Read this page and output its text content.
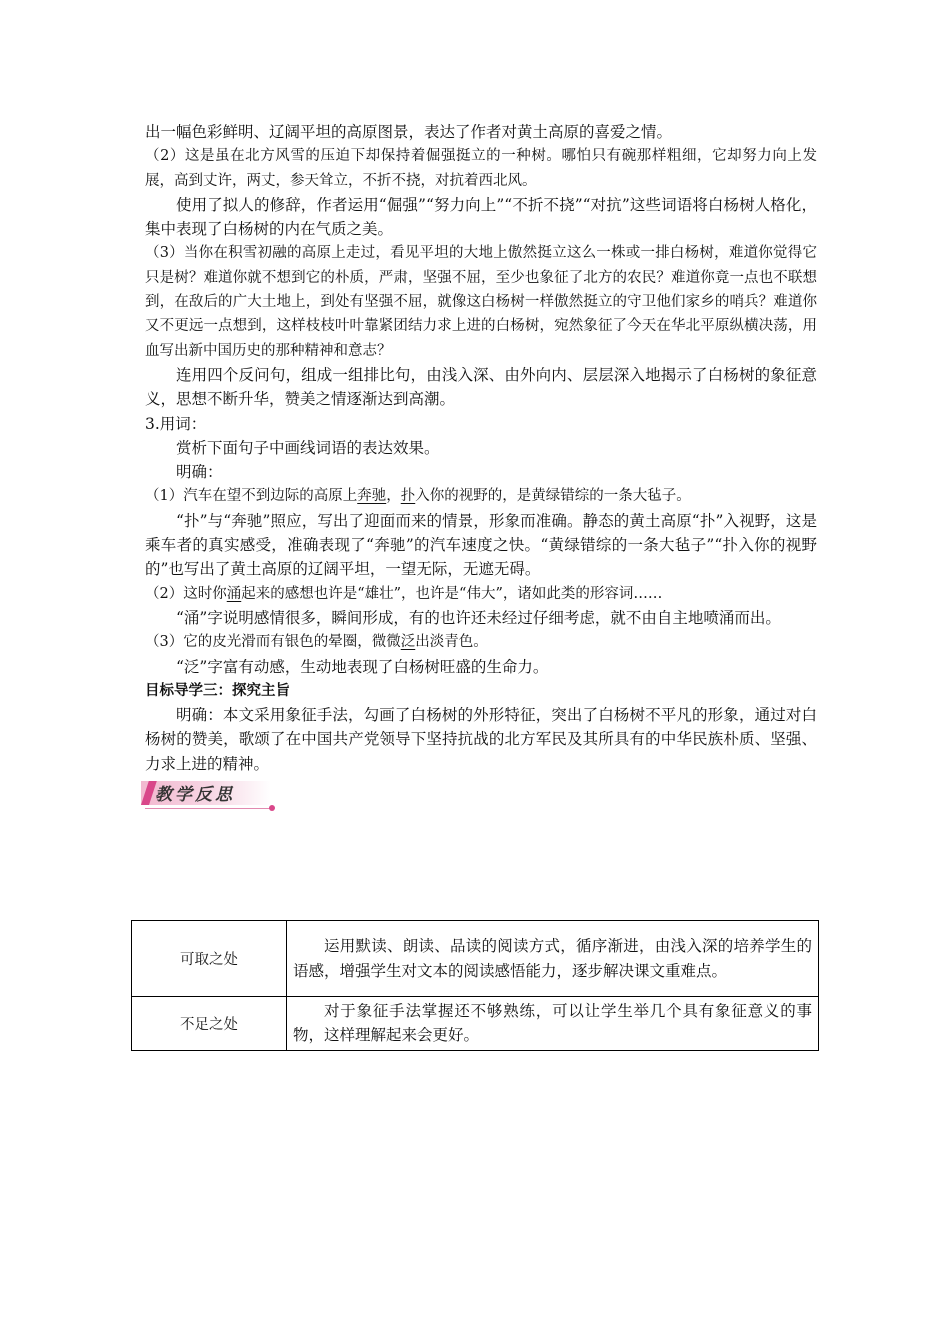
出一幅色彩鲜明、辽阔平坦的高原图景，表达了作者对黄土高原的喜爱之情。

（2）这是虽在北方风雪的压迫下却保持着倔强挺立的一种树。哪怕只有碗那样粗细，它却努力向上发展，高到丈许，两丈，参天耸立，不折不挠，对抗着西北风。

使用了拟人的修辞，作者运用“倔强”“努力向上”“不折不挠”“对抗”这些词语将白杨树人格化，集中表现了白杨树的内在气质之美。

（3）当你在积雪初融的高原上走过，看见平坦的大地上傲然挺立这么一株或一排白杨树，难道你觉得它只是树？难道你就不想到它的朴质，严肃，坚强不屈，至少也象征了北方的农民？难道你竟一点也不联想到，在敌后的广大土地上，到处有坚强不屈，就像这白杨树一样傲然挺立的守卫他们家乡的哨兵？难道你又不更远一点想到，这样枝枝叶叶靠紧团结力求上进的白杨树，宛然象征了今天在华北平原纵横决荡，用血写出新中国历史的那种精神和意志？

连用四个反问句，组成一组排比句，由浅入深、由外向内、层层深入地揭示了白杨树的象征意义，思想不断升华，赞美之情逐渐达到高潮。

3.用词：

赏析下面句子中画线词语的表达效果。

明确：

（1）汽车在望不到边际的高原上奔驰，扑入你的视野的，是黄绿错综的一条大毡子。

“扑”与“奔驰”照应，写出了迎面而来的情景，形象而准确。静态的黄土高原“扑”入视野，这是乘车者的真实感受，准确表现了“奔驰”的汽车速度之快。“黄绿错综的一条大毡子”“扑入你的视野的”也写出了黄土高原的辽阔平坦，一望无际，无遮无碍。

（2）这时你涌起来的感想也许是“雄壮”，也许是“伟大”，诸如此类的形容词……

“涌”字说明感情很多，瞬间形成，有的也许还未经过仔细考虑，就不由自主地喷涌而出。

（3）它的皮光滑而有银色的晕圈，微微泛出淡青色。

“泛”字富有动感，生动地表现了白杨树旺盛的生命力。

目标导学三：探究主旨

明确：本文采用象征手法，勾画了白杨树的外形特征，突出了白杨树不平凡的形象，通过对白杨树的赞美，歌颂了在中国共产党领导下坚持抗战的北方军民及其所具有的中华民族朴质、坚强、力求上进的精神。

教学反思
可取之处	运用默读、朗读、品读的阅读方式，循序渐进，由浅入深的培养学生的语感，增强学生对文本的阅读感悟能力，逐步解决课文重难点。

不足之处	对于象征手法掌握还不够熟练，可以让学生举几个具有象征意义的事物，这样理解起来会更好。
